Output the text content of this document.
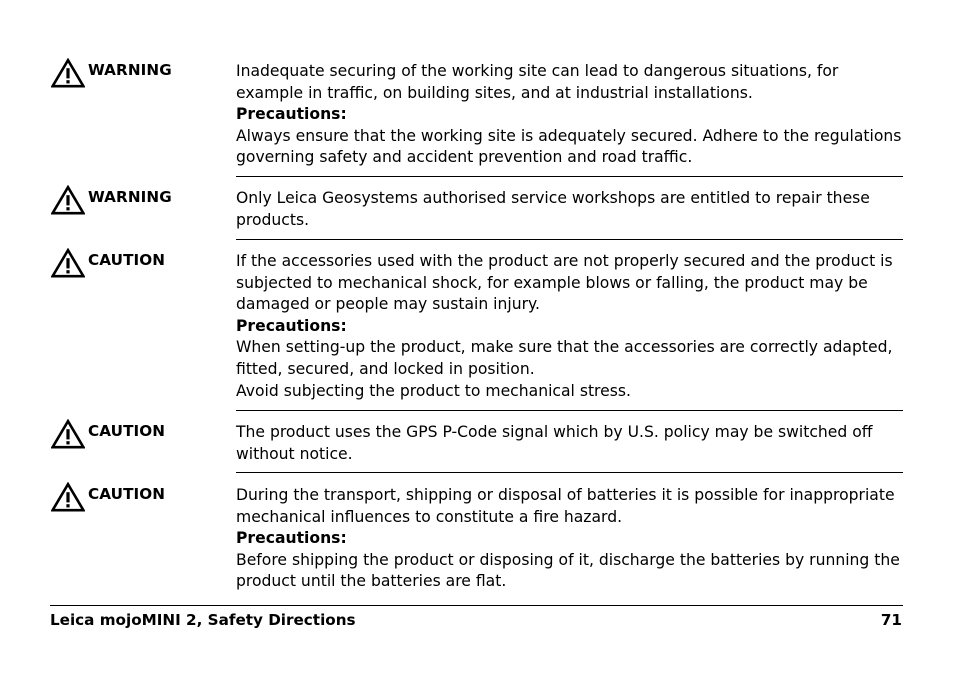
WARNING	Inadequate securing of the working site can lead to dangerous situations, for

example in traffic, on building sites, and at industrial installations.

Precautions:

Always ensure that the working site is adequately secured. Adhere to the regulations

governing safety and accident prevention and road traffic.

WARNING	Only Leica Geosystems authorised service workshops are entitled to repair these

products.

CAUTION	If the accessories used with the product are not properly secured and the product is

subjected to mechanical shock, for example blows or falling, the product may be

damaged or people may sustain injury.

Precautions:

When setting-up the product, make sure that the accessories are correctly adapted,

fitted, secured, and locked in position.

Avoid subjecting the product to mechanical stress.

CAUTION	The product uses the GPS P-Code signal which by U.S. policy may be switched off

without notice.

CAUTION	During the transport, shipping or disposal of batteries it is possible for inappropriate

mechanical influences to constitute a fire hazard.

Precautions:

Before shipping the product or disposing of it, discharge the batteries by running the

product until the batteries are flat.

Leica mojoMINI 2, Safety Directions	71
